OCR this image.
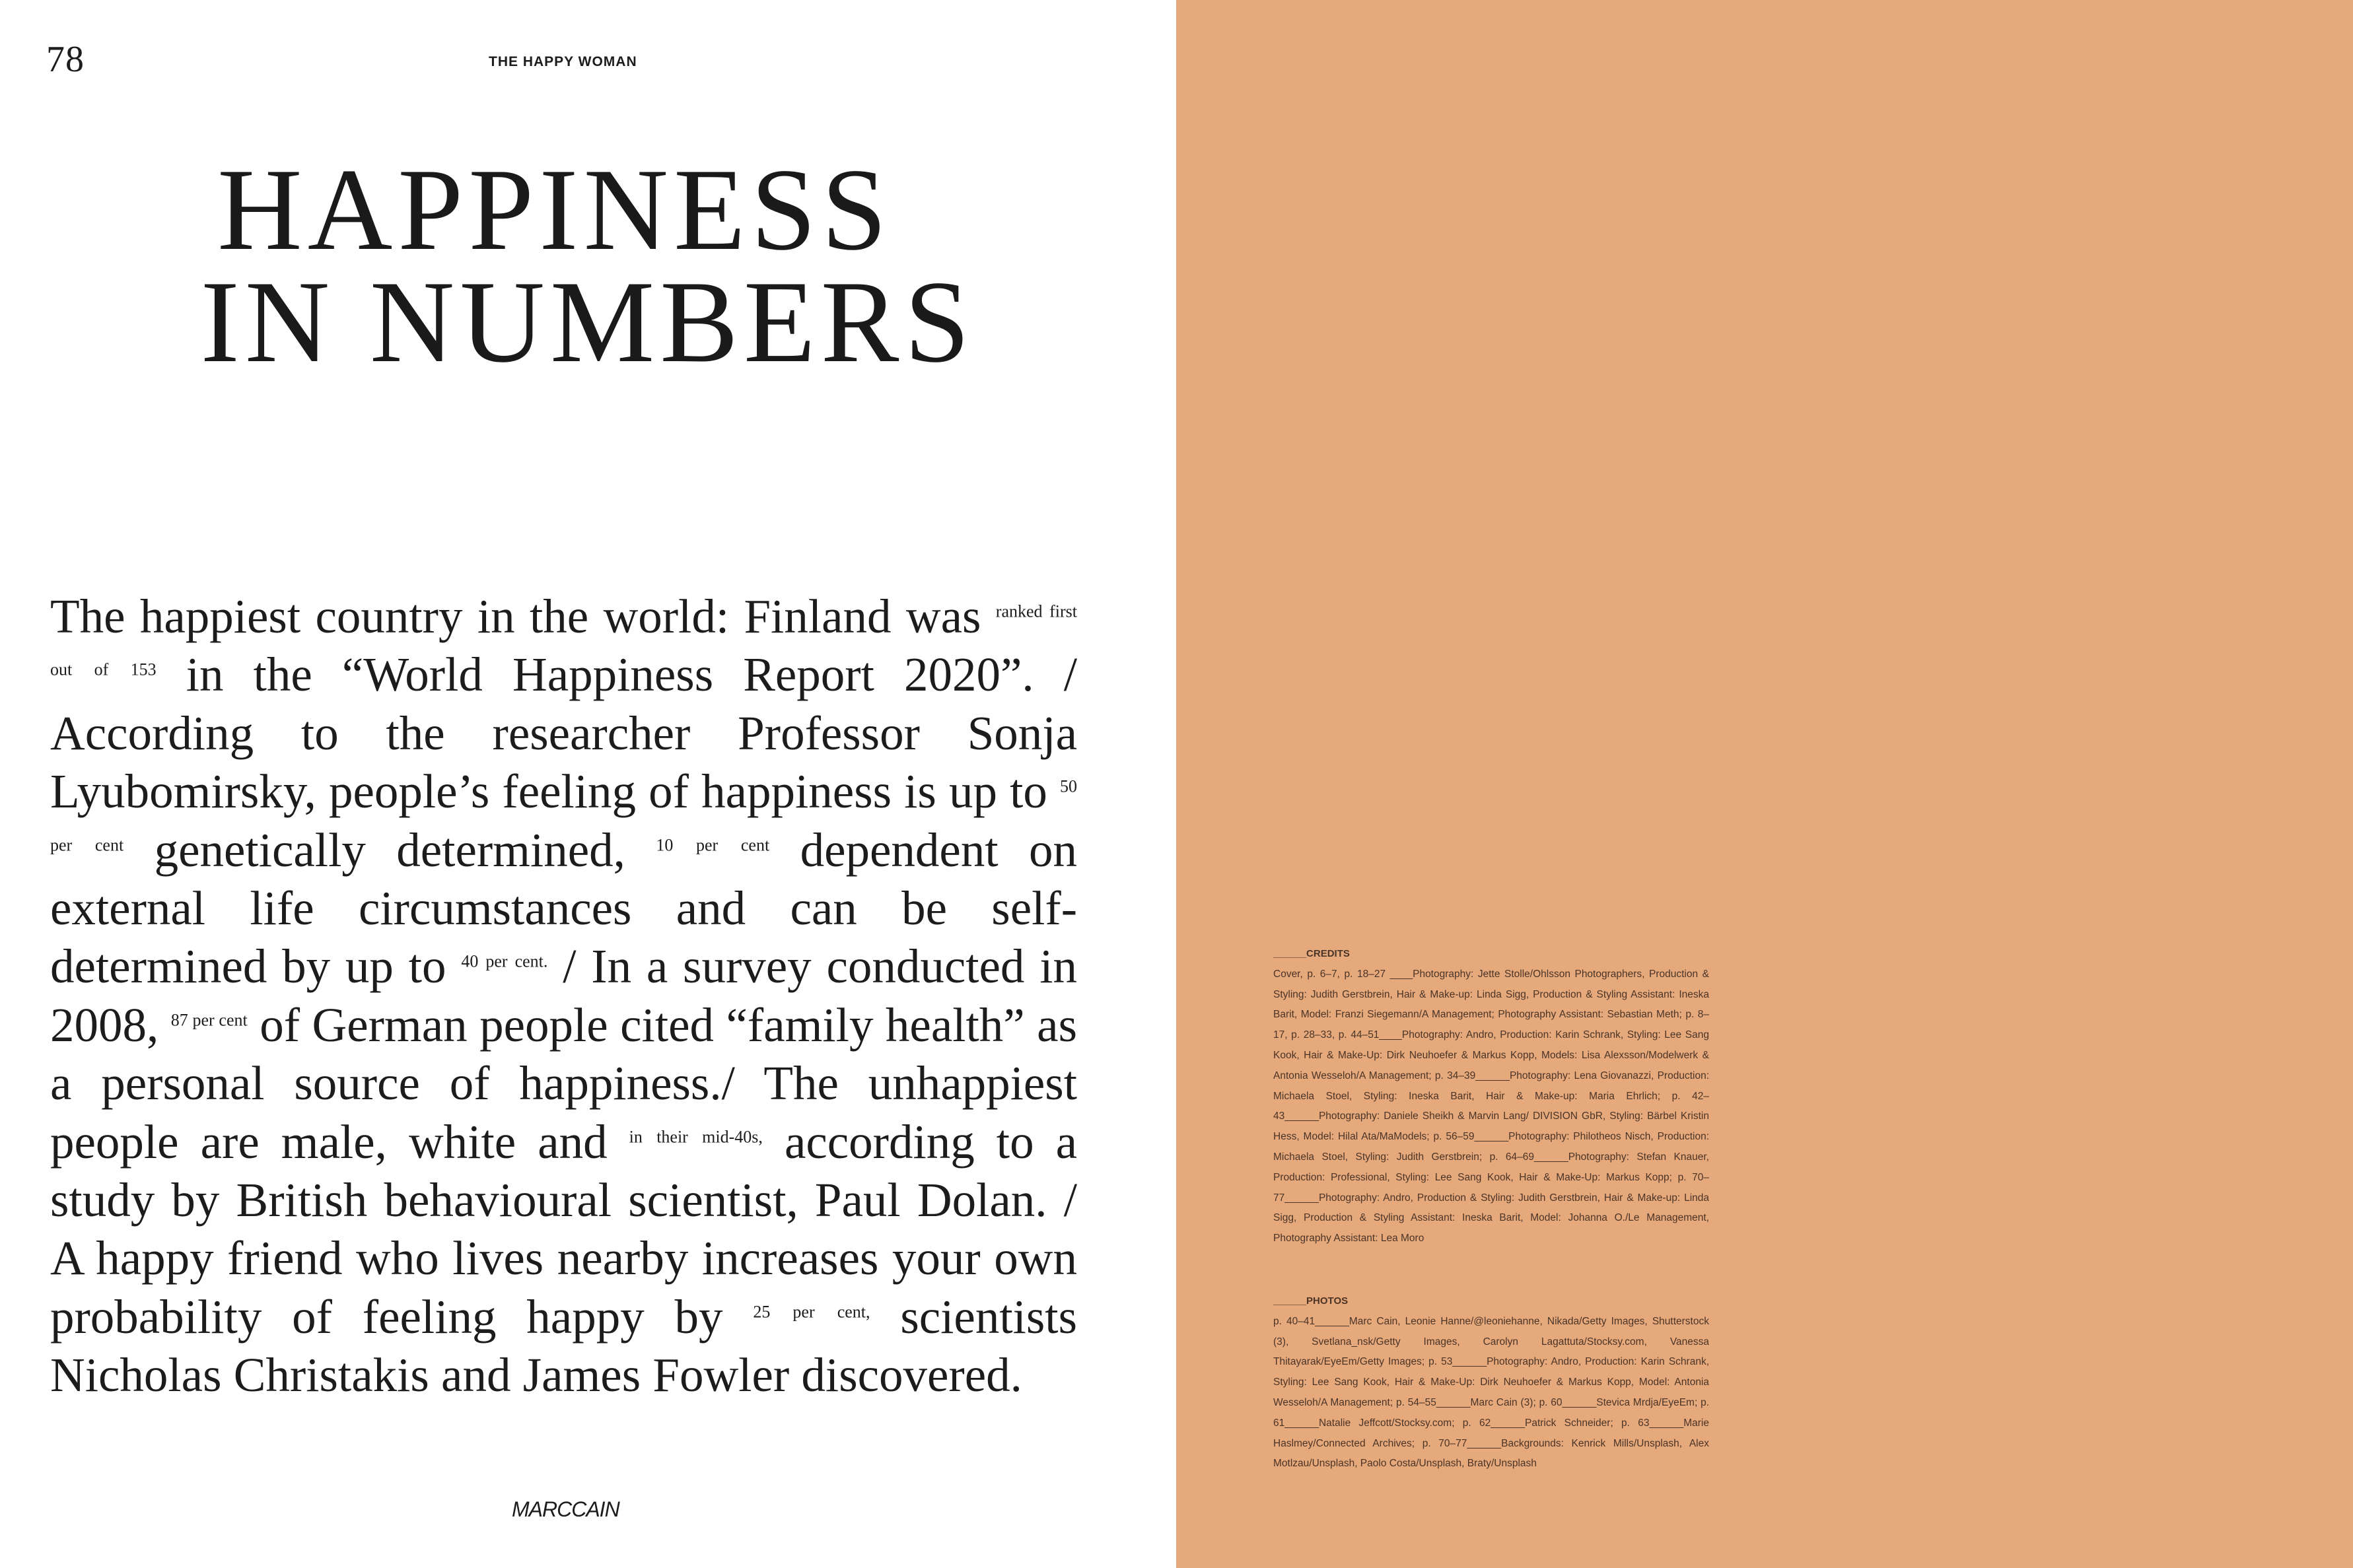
78	THE HAPPY WOMAN
HAPPINESS
IN NUMBERS

The happiest country in the world: Finland was $^{ranked first out of 153}$ in the “World Happiness Report 2020”. / According to the researcher Professor Sonja Lyubomirsky, people’s feeling of happiness is up to $^{50 per cent}$ genetically determined, $^{10 per cent}$ dependent on external life circumstances and can be self-determined by up to $^{40 per cent.}$ / In a survey conducted in 2008, $^{87 per cent}$ of German people cited “family health” as a personal source of happiness./ The unhappiest people are male, white and $^{in their mid-40s,}$ according to a study by British behavioural scientist, Paul Dolan. / A happy friend who lives nearby increases your own probability of feeling happy by $^{25 per cent,}$ scientists Nicholas Christakis and James Fowler discovered.

MARCCAIN
______CREDITS

Cover, p. 6–7, p. 18–27 ____Photography: Jette Stolle/Ohlsson Photographers, Production & Styling: Judith Gerstbrein, Hair & Make-up: Linda Sigg, Production & Styling Assistant: Ineska Barit, Model: Franzi Siegemann/A Management; Photography Assistant: Sebastian Meth; p. 8–17, p. 28–33, p. 44–51____Photography: Andro, Production: Karin Schrank, Styling: Lee Sang Kook, Hair & Make-Up: Dirk Neuhoefer & Markus Kopp, Models: Lisa Alexsson/Modelwerk & Antonia Wesseloh/A Management; p. 34–39______Photography: Lena Giovanazzi, Production: Michaela Stoel, Styling: Ineska Barit, Hair & Make-up: Maria Ehrlich; p. 42–43______Photography: Daniele Sheikh & Marvin Lang/ DIVISION GbR, Styling: Bärbel Kristin Hess, Model: Hilal Ata/MaModels; p. 56–59______Photography: Philotheos Nisch, Production: Michaela Stoel, Styling: Judith Gerstbrein; p. 64–69______Photography: Stefan Knauer, Production: Professional, Styling: Lee Sang Kook, Hair & Make-Up: Markus Kopp; p. 70–77______Photography: Andro, Production & Styling: Judith Gerstbrein, Hair & Make-up: Linda Sigg, Production & Styling Assistant: Ineska Barit, Model: Johanna O./Le Management, Photography Assistant: Lea Moro

______PHOTOS

p. 40–41______Marc Cain, Leonie Hanne/@leoniehanne, Nikada/Getty Images, Shutterstock (3), Svetlana_nsk/Getty Images, Carolyn Lagattuta/Stocksy.com, Vanessa Thitayarak/EyeEm/Getty Images; p. 53______Photography: Andro, Production: Karin Schrank, Styling: Lee Sang Kook, Hair & Make-Up: Dirk Neuhoefer & Markus Kopp, Model: Antonia Wesseloh/A Management; p. 54–55______Marc Cain (3); p. 60______Stevica Mrdja/EyeEm; p. 61______Natalie Jeffcott/Stocksy.com; p. 62______Patrick Schneider; p. 63______Marie Haslmey/Connected Archives; p. 70–77______Backgrounds: Kenrick Mills/Unsplash, Alex Motlzau/Unsplash, Paolo Costa/Unsplash, Braty/Unsplash
